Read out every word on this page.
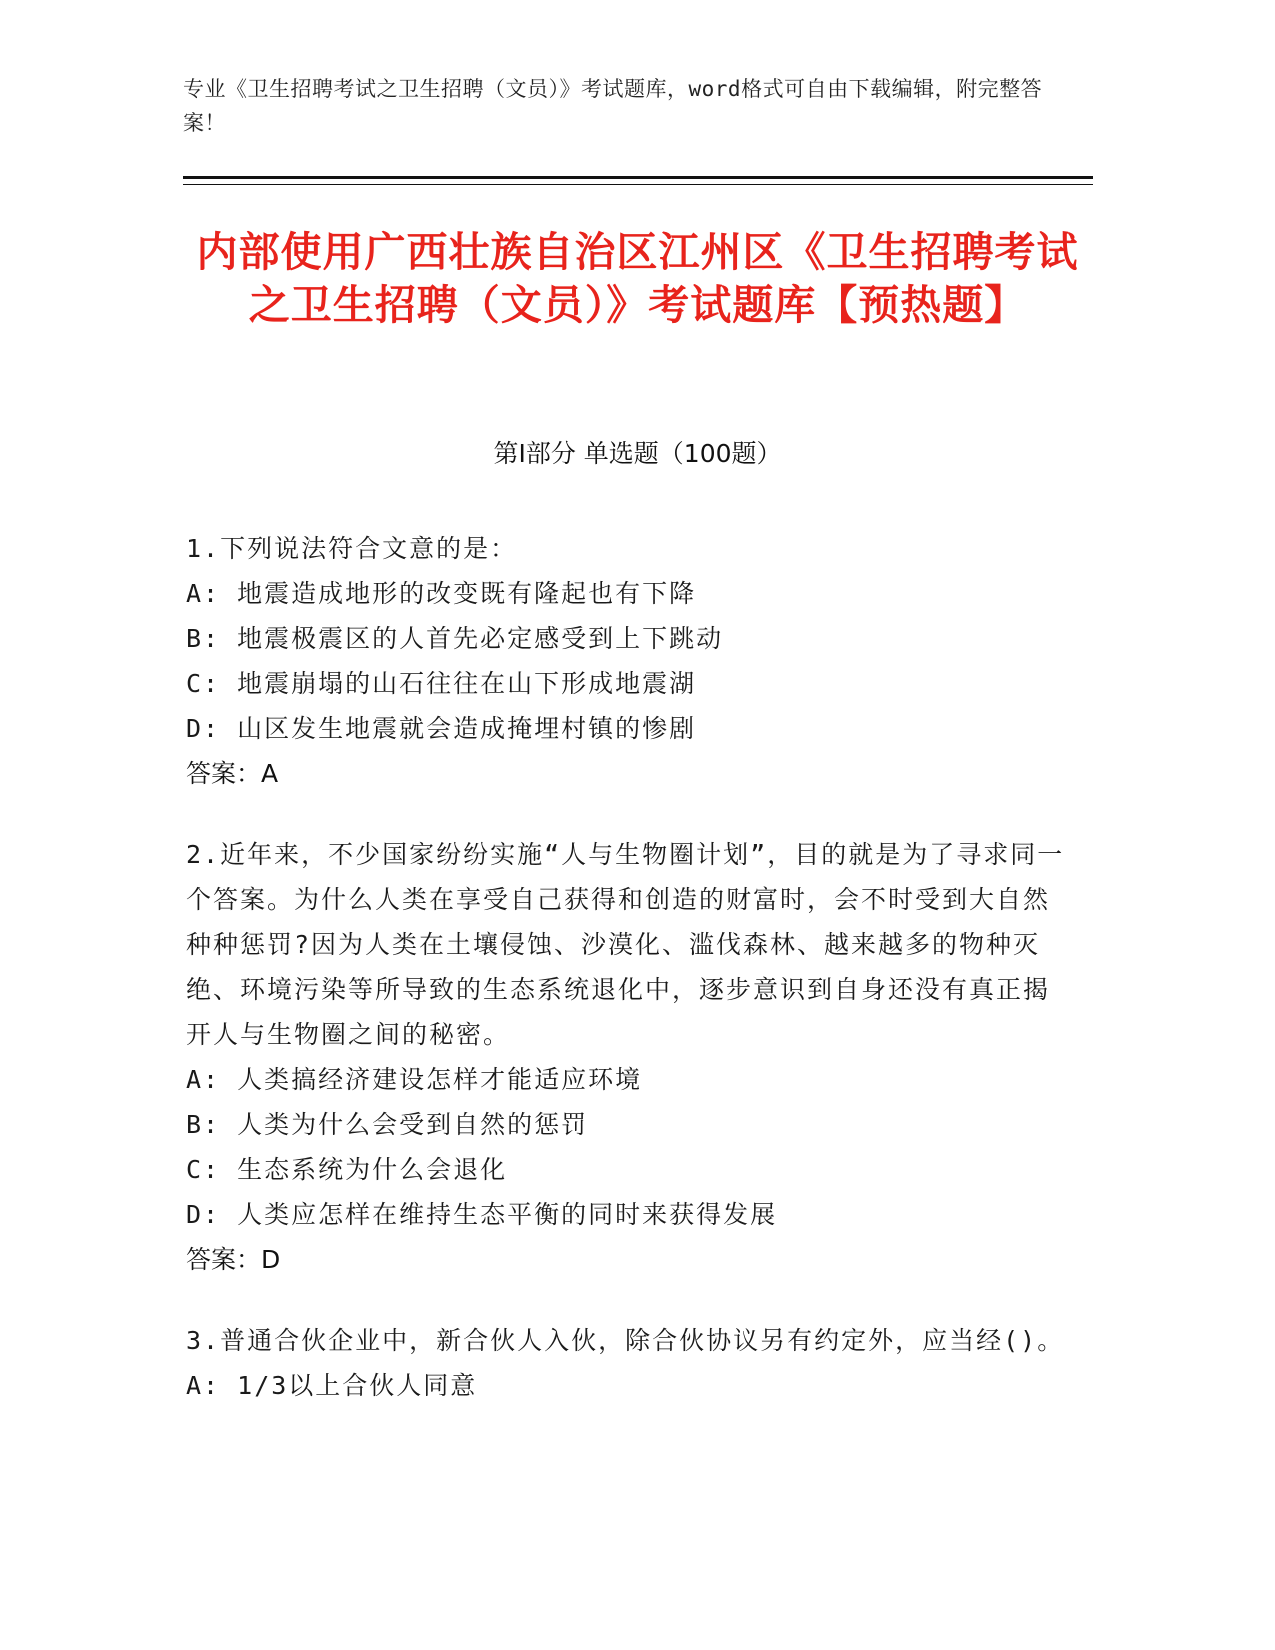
专业《卫生招聘考试之卫生招聘（文员）》考试题库，word格式可自由下载编辑，附完整答案！
内部使用广西壮族自治区江州区《卫生招聘考试之卫生招聘（文员）》考试题库【预热题】
第Ⅰ部分 单选题（100题）
1.下列说法符合文意的是：
A: 地震造成地形的改变既有隆起也有下降
B: 地震极震区的人首先必定感受到上下跳动
C: 地震崩塌的山石往往在山下形成地震湖
D: 山区发生地震就会造成掩埋村镇的惨剧
答案：A
2.近年来，不少国家纷纷实施“人与生物圈计划”，目的就是为了寻求同一个答案。为什么人类在享受自己获得和创造的财富时，会不时受到大自然种种惩罚?因为人类在土壤侵蚀、沙漠化、滥伐森林、越来越多的物种灭绝、环境污染等所导致的生态系统退化中，逐步意识到自身还没有真正揭开人与生物圈之间的秘密。
A: 人类搞经济建设怎样才能适应环境
B: 人类为什么会受到自然的惩罚
C: 生态系统为什么会退化
D: 人类应怎样在维持生态平衡的同时来获得发展
答案：D
3.普通合伙企业中，新合伙人入伙，除合伙协议另有约定外，应当经()。
A: 1/3以上合伙人同意
